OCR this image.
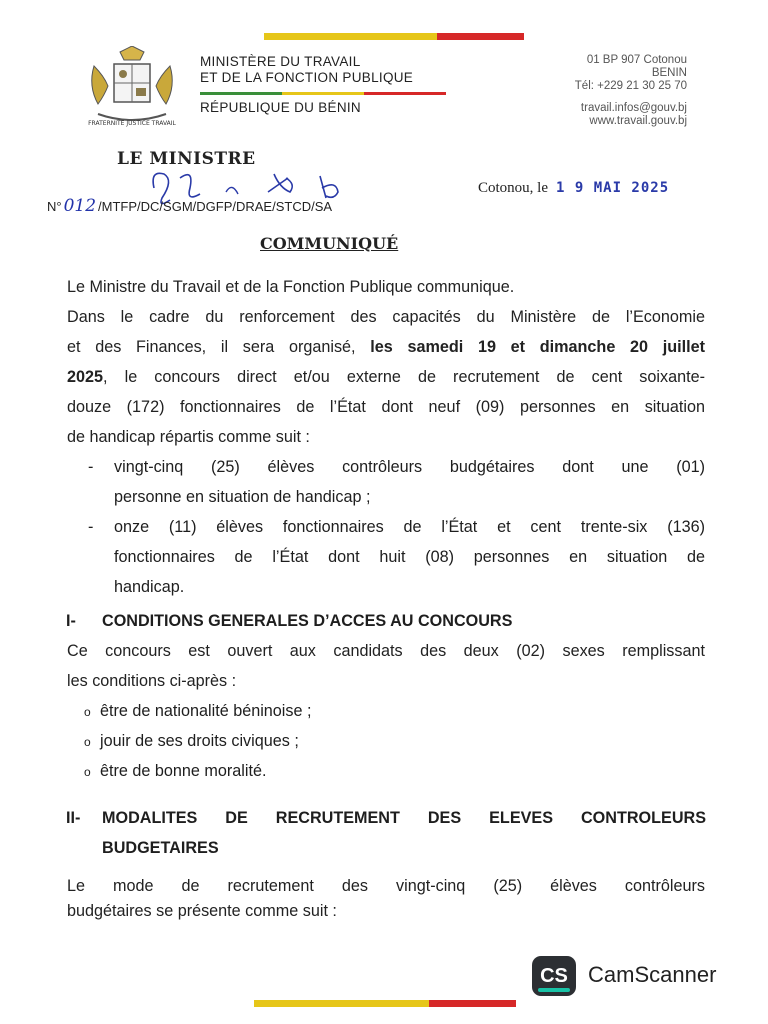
FRATERNITE JUSTICE TRAVAIL
MINISTÈRE DU TRAVAIL
ET DE LA FONCTION PUBLIQUE
RÉPUBLIQUE DU BÉNIN
01 BP 907 Cotonou
BENIN
Tél: +229 21 30 25 70
travail.infos@gouv.bj
www.travail.gouv.bj
LE MINISTRE
N° 012 /MTFP/DC/SGM/DGFP/DRAE/STCD/SA
Cotonou, le 1 9 MAI 2025
COMMUNIQUÉ
Le Ministre du Travail et de la Fonction Publique communique.
Dans le cadre du renforcement des capacités du Ministère de l’Economie
et des Finances, il sera organisé, les samedi 19 et dimanche 20 juillet
2025, le concours direct et/ou externe de recrutement de cent soixante-
douze (172) fonctionnaires de l’État dont neuf (09) personnes en situation
de handicap répartis comme suit :
- vingt-cinq (25) élèves contrôleurs budgétaires dont une (01)
personne en situation de handicap ;
- onze (11) élèves fonctionnaires de l’État et cent trente-six (136)
fonctionnaires de l’État dont huit (08) personnes en situation de
handicap.
I- CONDITIONS GENERALES D’ACCES AU CONCOURS
Ce concours est ouvert aux candidats des deux (02) sexes remplissant
les conditions ci-après :
o être de nationalité béninoise ;
o jouir de ses droits civiques ;
o être de bonne moralité.
II-	MODALITES DE RECRUTEMENT DES ELEVES CONTROLEURS
BUDGETAIRES
Le mode de recrutement des vingt-cinq (25) élèves contrôleurs
budgétaires se présente comme suit :
CS CamScanner
